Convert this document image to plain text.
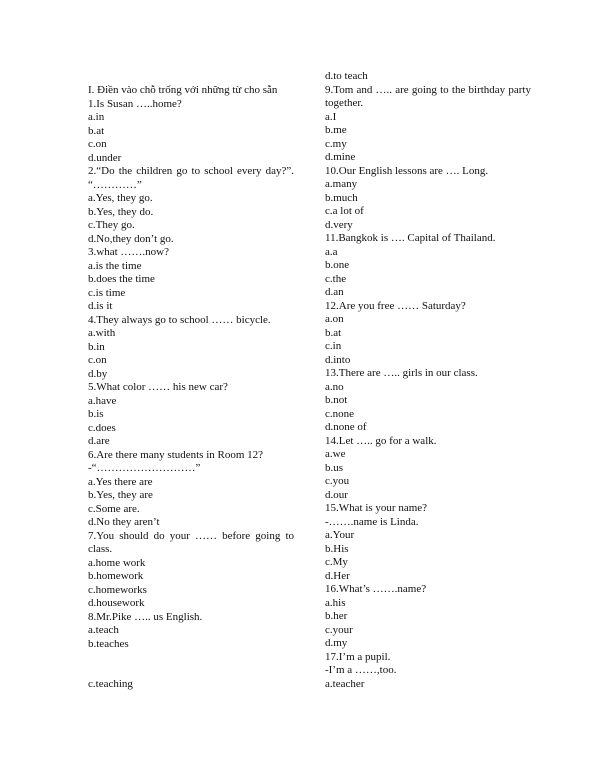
I. Điền vào chỗ trống với những từ cho sẵn
1.Is Susan …..home?
a.in
b.at
c.on
d.under
2.“Do the children go to school every day?”. “…………”
a.Yes, they go.
b.Yes, they do.
c.They go.
d.No,they don’t go.
3.what …….now?
a.is the time
b.does the time
c.is time
d.is it
4.They always go to school …… bicycle.
a.with
b.in
c.on
d.by
5.What color …… his new car?
a.have
b.is
c.does
d.are
6.Are there many students in Room 12?
-“………………………”
a.Yes there are
b.Yes, they are
c.Some are.
d.No they aren’t
7.You should do your …… before going to class.
a.home work
b.homework
c.homeworks
d.housework
8.Mr.Pike ….. us English.
a.teach
b.teaches
c.teaching
d.to teach
9.Tom and ….. are going to the birthday party together.
a.I
b.me
c.my
d.mine
10.Our English lessons are …. Long.
a.many
b.much
c.a lot of
d.very
11.Bangkok is …. Capital of Thailand.
a.a
b.one
c.the
d.an
12.Are you free …… Saturday?
a.on
b.at
c.in
d.into
13.There are ….. girls in our class.
a.no
b.not
c.none
d.none of
14.Let ….. go for a walk.
a.we
b.us
c.you
d.our
15.What is your name?
-…….name is Linda.
a.Your
b.His
c.My
d.Her
16.What’s …….name?
a.his
b.her
c.your
d.my
17.I’m a pupil.
-I’m a ……,too.
a.teacher
